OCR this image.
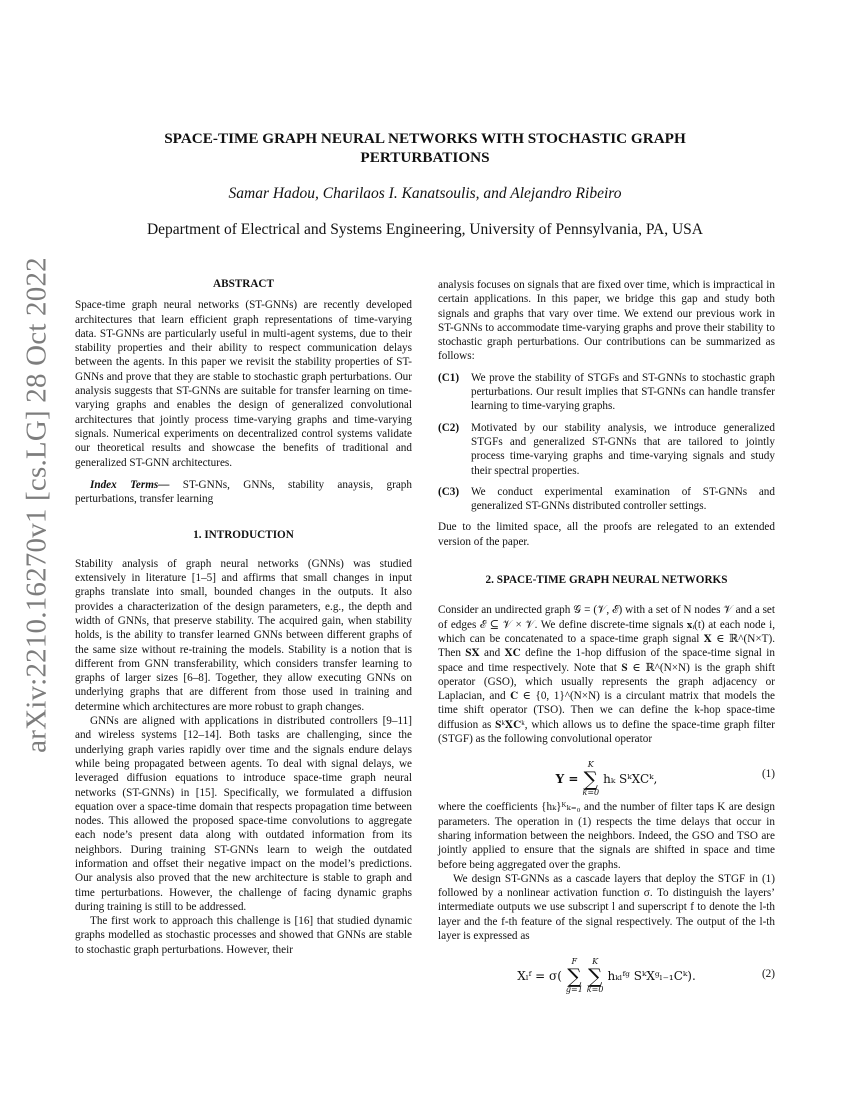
arXiv:2210.16270v1 [cs.LG] 28 Oct 2022
SPACE-TIME GRAPH NEURAL NETWORKS WITH STOCHASTIC GRAPH
PERTURBATIONS
Samar Hadou, Charilaos I. Kanatsoulis, and Alejandro Ribeiro
Department of Electrical and Systems Engineering, University of Pennsylvania, PA, USA

ABSTRACT

Space-time graph neural networks (ST-GNNs) are recently developed architectures that learn efficient graph representations of time-varying data. ST-GNNs are particularly useful in multi-agent systems, due to their stability properties and their ability to respect communication delays between the agents. In this paper we revisit the stability properties of ST-GNNs and prove that they are stable to stochastic graph perturbations. Our analysis suggests that ST-GNNs are suitable for transfer learning on time-varying graphs and enables the design of generalized convolutional architectures that jointly process time-varying graphs and time-varying signals. Numerical experiments on decentralized control systems validate our theoretical results and showcase the benefits of traditional and generalized ST-GNN architectures.

Index Terms— ST-GNNs, GNNs, stability anaysis, graph perturbations, transfer learning

1. INTRODUCTION

Stability analysis of graph neural networks (GNNs) was studied extensively in literature [1–5] and affirms that small changes in input graphs translate into small, bounded changes in the outputs. It also provides a characterization of the design parameters, e.g., the depth and width of GNNs, that preserve stability. The acquired gain, when stability holds, is the ability to transfer learned GNNs between different graphs of the same size without re-training the models. Stability is a notion that is different from GNN transferability, which considers transfer learning to graphs of larger sizes [6–8]. Together, they allow executing GNNs on underlying graphs that are different from those used in training and determine which architectures are more robust to graph changes.

GNNs are aligned with applications in distributed controllers [9–11] and wireless systems [12–14]. Both tasks are challenging, since the underlying graph varies rapidly over time and the signals endure delays while being propagated between agents. To deal with signal delays, we leveraged diffusion equations to introduce space-time graph neural networks (ST-GNNs) in [15]. Specifically, we formulated a diffusion equation over a space-time domain that respects propagation time between nodes. This allowed the proposed space-time convolutions to aggregate each node’s present data along with outdated information from its neighbors. During training ST-GNNs learn to weigh the outdated information and offset their negative impact on the model’s predictions. Our analysis also proved that the new architecture is stable to graph and time perturbations. However, the challenge of facing dynamic graphs during training is still to be addressed.

The first work to approach this challenge is [16] that studied dynamic graphs modelled as stochastic processes and showed that GNNs are stable to stochastic graph perturbations. However, their

analysis focuses on signals that are fixed over time, which is impractical in certain applications. In this paper, we bridge this gap and study both signals and graphs that vary over time. We extend our previous work in ST-GNNs to accommodate time-varying graphs and prove their stability to stochastic graph perturbations. Our contributions can be summarized as follows:

(C1)	We prove the stability of STGFs and ST-GNNs to stochastic graph perturbations. Our result implies that ST-GNNs can handle transfer learning to time-varying graphs.
(C2)	Motivated by our stability analysis, we introduce generalized STGFs and generalized ST-GNNs that are tailored to jointly process time-varying graphs and time-varying signals and study their spectral properties.
(C3)	We conduct experimental examination of ST-GNNs and generalized ST-GNNs distributed controller settings.

Due to the limited space, all the proofs are relegated to an extended version of the paper.

2. SPACE-TIME GRAPH NEURAL NETWORKS

Consider an undirected graph 𝒢 = (𝒱, ℰ) with a set of N nodes 𝒱 and a set of edges ℰ ⊆ 𝒱 × 𝒱. We define discrete-time signals 𝐱ᵢ(t) at each node i, which can be concatenated to a space-time graph signal 𝐗 ∈ ℝ^(N×T). Then 𝐒𝐗 and 𝐗𝐂 define the 1-hop diffusion of the space-time signal in space and time respectively. Note that 𝐒 ∈ ℝ^(N×N) is the graph shift operator (GSO), which usually represents the graph adjacency or Laplacian, and 𝐂 ∈ {0, 1}^(N×N) is a circulant matrix that models the time shift operator (TSO). Then we can define the k-hop space-time diffusion as 𝐒ᵏ𝐗𝐂ᵏ, which allows us to define the space-time graph filter (STGF) as the following convolutional operator

Y =
K
∑
k=0
hₖ SᵏXCᵏ,	(1)

where the coefficients {hₖ}ᴷₖ₌₀ and the number of filter taps K are design parameters. The operation in (1) respects the time delays that occur in sharing information between the neighbors. Indeed, the GSO and TSO are jointly applied to ensure that the signals are shifted in space and time before being aggregated over the graphs.

We design ST-GNNs as a cascade layers that deploy the STGF in (1) followed by a nonlinear activation function σ. To distinguish the layers’ intermediate outputs we use subscript l and superscript f to denote the l-th layer and the f-th feature of the signal respectively. The output of the l-th layer is expressed as

Xₗᶠ = σ(
F
∑
g=1
K
∑
k=0
hₖₗᶠᵍ SᵏXᵍₗ₋₁Cᵏ).	(2)
